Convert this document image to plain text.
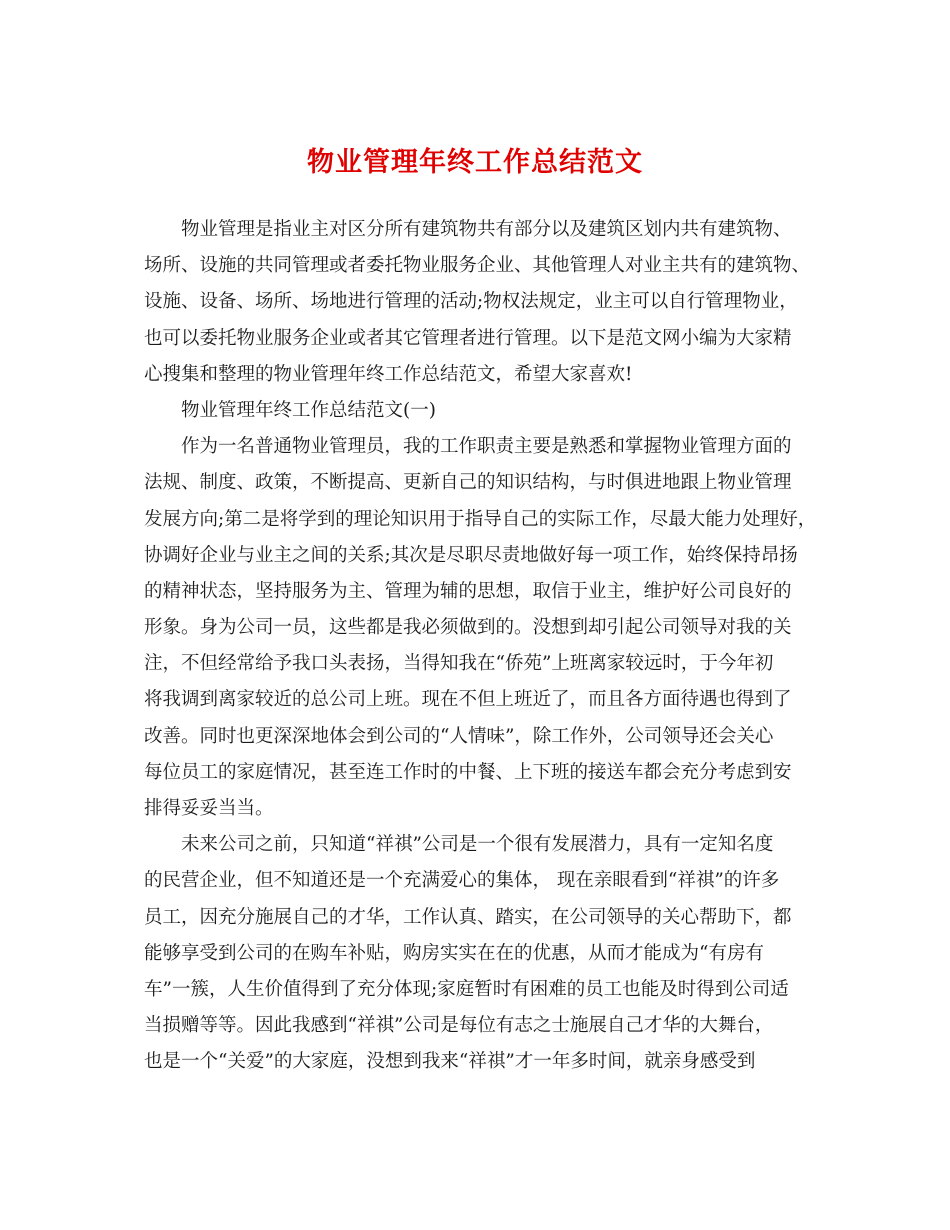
物业管理年终工作总结范文
物业管理是指业主对区分所有建筑物共有部分以及建筑区划内共有建筑物、
场所、设施的共同管理或者委托物业服务企业、其他管理人对业主共有的建筑物、
设施、设备、场所、场地进行管理的活动;物权法规定，业主可以自行管理物业，
也可以委托物业服务企业或者其它管理者进行管理。以下是范文网小编为大家精
心搜集和整理的物业管理年终工作总结范文，希望大家喜欢!
物业管理年终工作总结范文(一)
作为一名普通物业管理员，我的工作职责主要是熟悉和掌握物业管理方面的
法规、制度、政策，不断提高、更新自己的知识结构，与时俱进地跟上物业管理
发展方向;第二是将学到的理论知识用于指导自己的实际工作，尽最大能力处理好，
协调好企业与业主之间的关系;其次是尽职尽责地做好每一项工作，始终保持昂扬
的精神状态，坚持服务为主、管理为辅的思想，取信于业主，维护好公司良好的
形象。身为公司一员，这些都是我必须做到的。没想到却引起公司领导对我的关
注，不但经常给予我口头表扬，当得知我在“侨苑”上班离家较远时，于今年初
将我调到离家较近的总公司上班。现在不但上班近了，而且各方面待遇也得到了
改善。同时也更深深地体会到公司的“人情味”，除工作外，公司领导还会关心
每位员工的家庭情况，甚至连工作时的中餐、上下班的接送车都会充分考虑到安
排得妥妥当当。
未来公司之前，只知道“祥祺”公司是一个很有发展潜力，具有一定知名度
的民营企业，但不知道还是一个充满爱心的集体， 现在亲眼看到“祥祺”的许多
员工，因充分施展自己的才华，工作认真、踏实，在公司领导的关心帮助下，都
能够享受到公司的在购车补贴，购房实实在在的优惠，从而才能成为“有房有
车”一簇，人生价值得到了充分体现;家庭暂时有困难的员工也能及时得到公司适
当损赠等等。因此我感到“祥祺”公司是每位有志之士施展自己才华的大舞台，
也是一个“关爱”的大家庭，没想到我来“祥祺”才一年多时间，就亲身感受到
